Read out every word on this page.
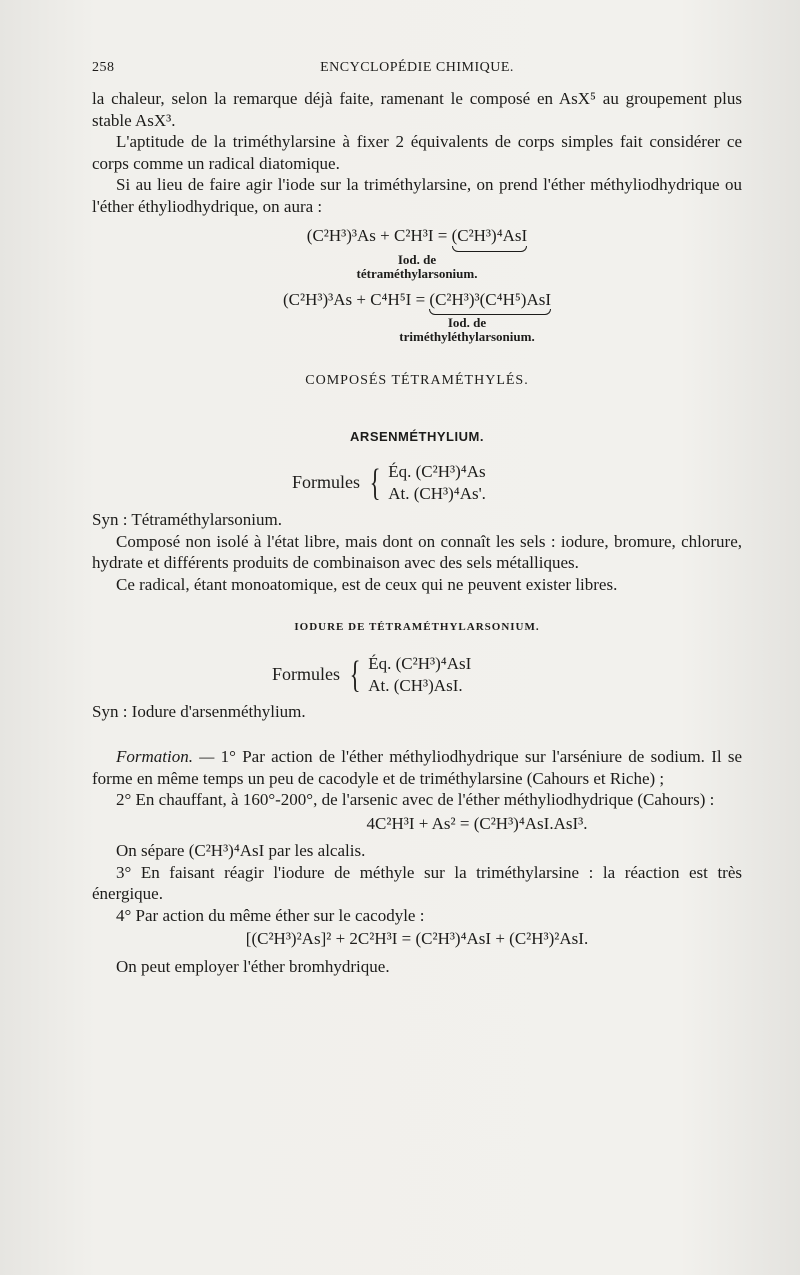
258	ENCYCLOPÉDIE CHIMIQUE.

la chaleur, selon la remarque déjà faite, ramenant le composé en AsX⁵ au groupement plus stable AsX³.

L'aptitude de la triméthylarsine à fixer 2 équivalents de corps simples fait considérer ce corps comme un radical diatomique.

Si au lieu de faire agir l'iode sur la triméthylarsine, on prend l'éther méthyliodhydrique ou l'éther éthyliodhydrique, on aura :

(C²H³)³As + C²H³I = (C²H³)⁴AsI
Iod. de
tétraméthylarsonium.
(C²H³)³As + C⁴H⁵I = (C²H³)³(C⁴H⁵)AsI
Iod. de
triméthyléthylarsonium.
COMPOSÉS TÉTRAMÉTHYLÉS.
ARSENMÉTHYLIUM.
Formules { Éq. (C²H³)⁴As
At. (CH³)⁴As'.

Syn : Tétraméthylarsonium.

Composé non isolé à l'état libre, mais dont on connaît les sels : iodure, bromure, chlorure, hydrate et différents produits de combinaison avec des sels métalliques.

Ce radical, étant monoatomique, est de ceux qui ne peuvent exister libres.

IODURE DE TÉTRAMÉTHYLARSONIUM.
Formules { Éq. (C²H³)⁴AsI
At. (CH³)AsI.

Syn : Iodure d'arsenméthylium.

Formation. — 1° Par action de l'éther méthyliodhydrique sur l'arséniure de sodium. Il se forme en même temps un peu de cacodyle et de triméthylarsine (Cahours et Riche) ;

2° En chauffant, à 160°-200°, de l'arsenic avec de l'éther méthyliodhydrique (Cahours) :

4C²H³I + As² = (C²H³)⁴AsI.AsI³.

On sépare (C²H³)⁴AsI par les alcalis.

3° En faisant réagir l'iodure de méthyle sur la triméthylarsine : la réaction est très énergique.

4° Par action du même éther sur le cacodyle :

[(C²H³)²As]² + 2C²H³I = (C²H³)⁴AsI + (C²H³)²AsI.

On peut employer l'éther bromhydrique.
